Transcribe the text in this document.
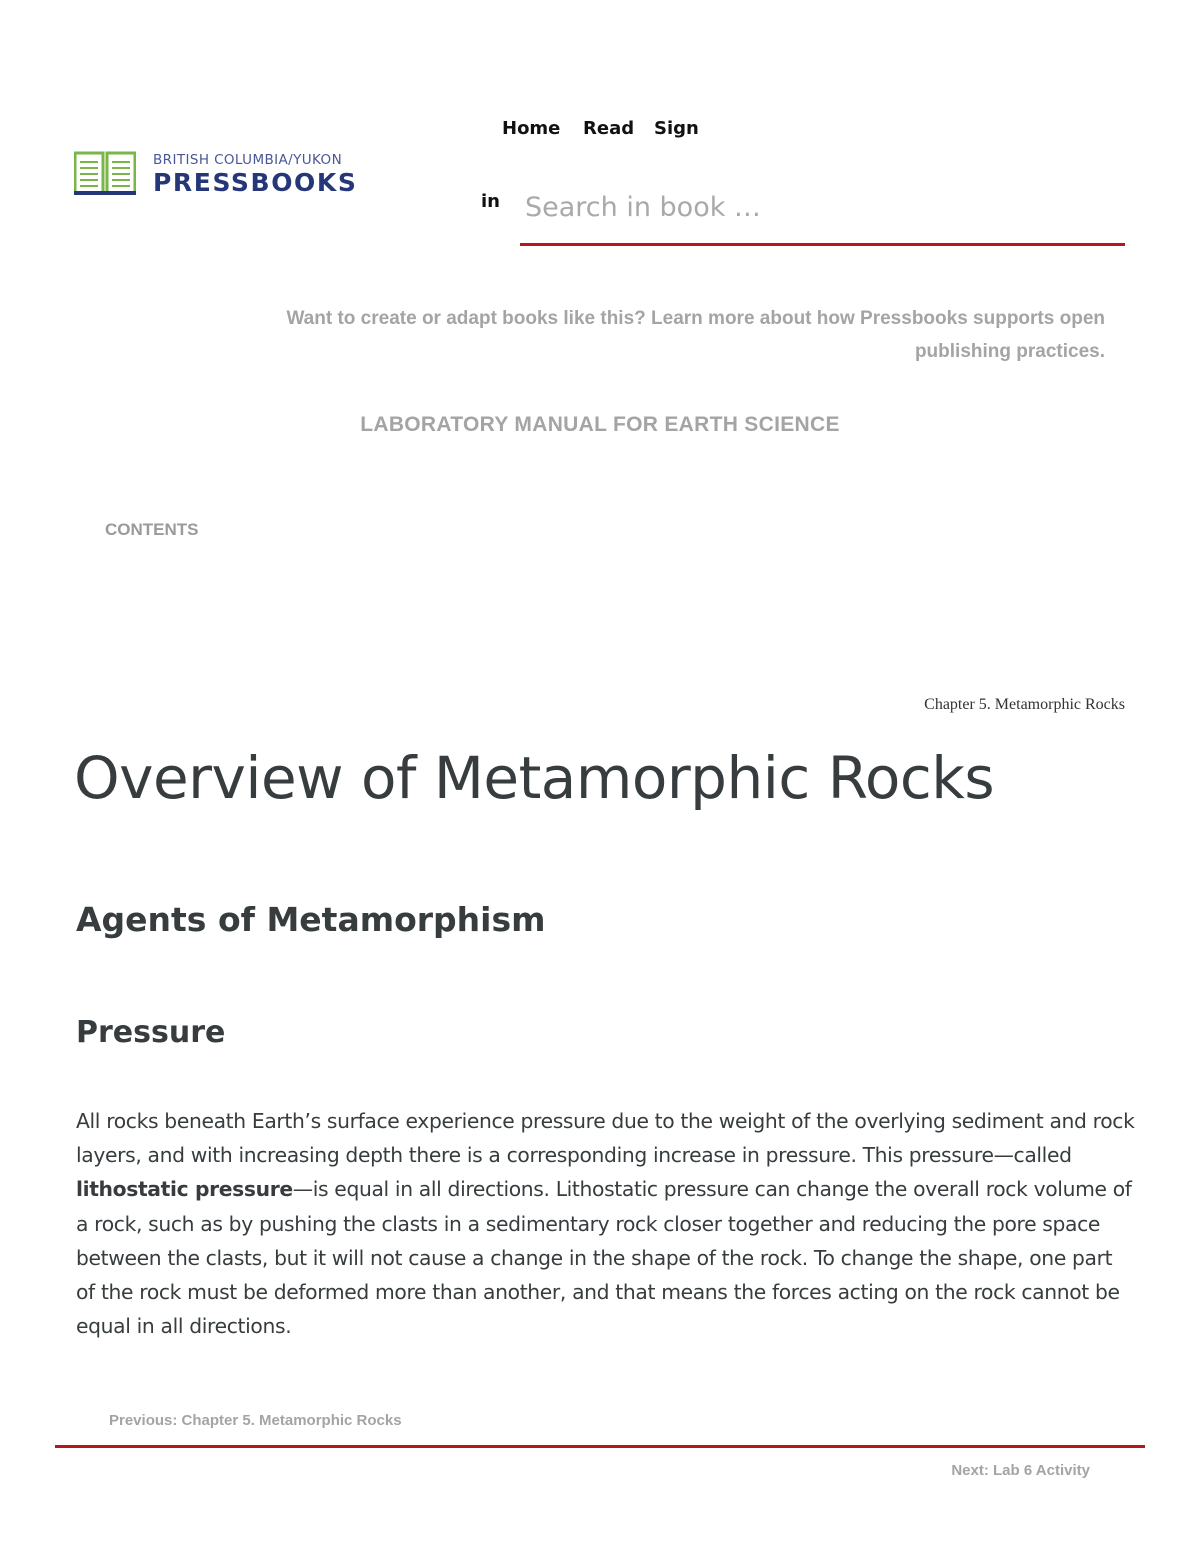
BRITISH COLUMBIA/YUKON
PRESSBOOKS
Home Read Sign
in
Search in book …
Want to create or adapt books like this? Learn more about how Pressbooks supports open
publishing practices.
LABORATORY MANUAL FOR EARTH SCIENCE
CONTENTS
Chapter 5. Metamorphic Rocks
Overview of Metamorphic Rocks
Agents of Metamorphism
Pressure

All rocks beneath Earth’s surface experience pressure due to the weight of the overlying sediment and rock layers, and with increasing depth there is a corresponding increase in pressure. This pressure—called lithostatic pressure—is equal in all directions. Lithostatic pressure can change the overall rock volume of a rock, such as by pushing the clasts in a sedimentary rock closer together and reducing the pore space between the clasts, but it will not cause a change in the shape of the rock. To change the shape, one part of the rock must be deformed more than another, and that means the forces acting on the rock cannot be equal in all directions.

Previous: Chapter 5. Metamorphic Rocks
Next: Lab 6 Activity
